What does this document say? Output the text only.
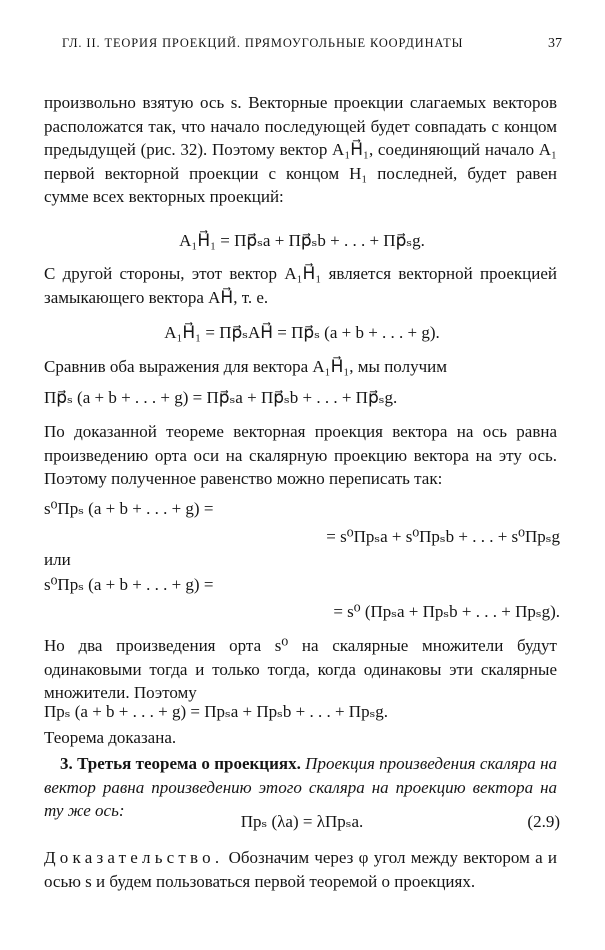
ГЛ. II. ТЕОРИЯ ПРОЕКЦИЙ. ПРЯМОУГОЛЬНЫЕ КООРДИНАТЫ	37
произвольно взятую ось s. Векторные проекции слагаемых векторов расположатся так, что начало последующей будет совпадать с концом предыдущей (рис. 32). Поэтому вектор A₁H⃗₁, соединяющий начало A₁ первой векторной проекции с концом H₁ последней, будет равен сумме всех векторных проекций:
A₁H⃗₁ = Пр⃗ₛa + Пр⃗ₛb + . . . + Пр⃗ₛg.
С другой стороны, этот вектор A₁H⃗₁ является векторной проекцией замыкающего вектора AH⃗, т. е.
A₁H⃗₁ = Пр⃗ₛAH⃗ = Пр⃗ₛ (a + b + . . . + g).
Сравнив оба выражения для вектора A₁H⃗₁, мы получим
Пр⃗ₛ (a + b + . . . + g) = Пр⃗ₛa + Пр⃗ₛb + . . . + Пр⃗ₛg.
По доказанной теореме векторная проекция вектора на ось равна произведению орта оси на скалярную проекцию вектора на эту ось. Поэтому полученное равенство можно переписать так:
s⁰Прₛ (a + b + . . . + g) =
= s⁰Прₛa + s⁰Прₛb + . . . + s⁰Прₛg
или
s⁰Прₛ (a + b + . . . + g) =
= s⁰ (Прₛa + Прₛb + . . . + Прₛg).
Но два произведения орта s⁰ на скалярные множители будут одинаковыми тогда и только тогда, когда одинаковы эти скалярные множители. Поэтому
Прₛ (a + b + . . . + g) = Прₛa + Прₛb + . . . + Прₛg.
Теорема доказана.
3. Третья теорема о проекциях. Проекция произведения скаляра на вектор равна произведению этого скаляра на проекцию вектора на ту же ось:
Прₛ (λa) = λПрₛa.	(2.9)
Доказательство. Обозначим через φ угол между вектором a и осью s и будем пользоваться первой теоремой о проекциях.
